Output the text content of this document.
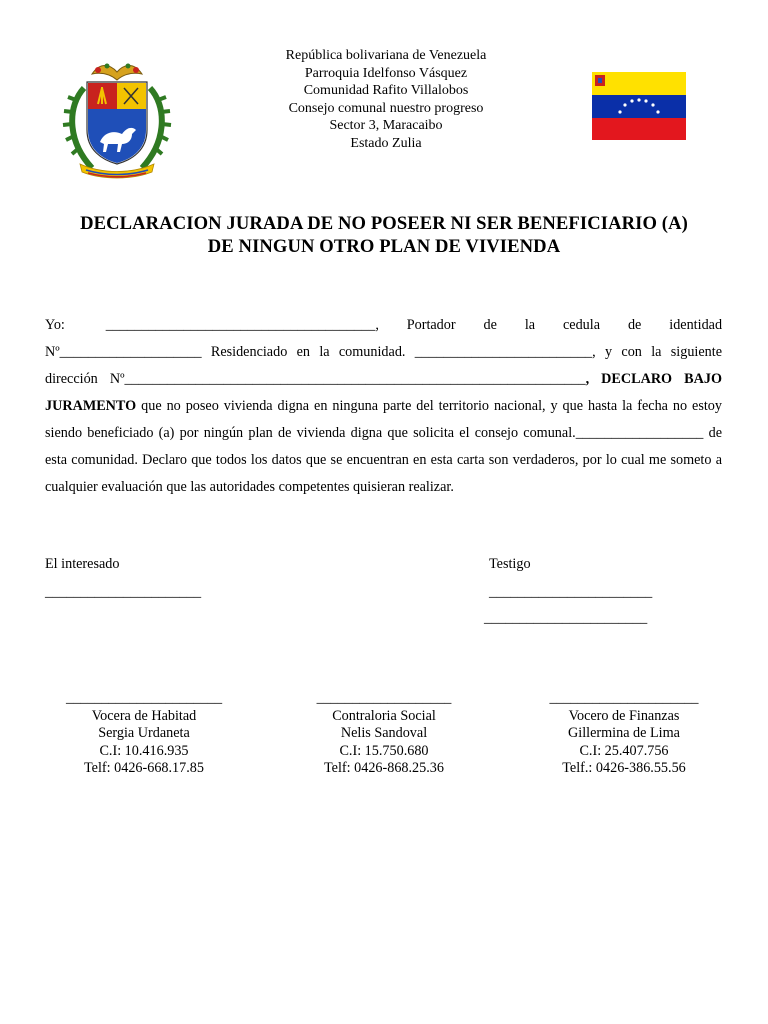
República bolivariana de Venezuela
Parroquia Idelfonso Vásquez
Comunidad Rafito Villalobos
Consejo comunal nuestro progreso
Sector 3, Maracaibo
Estado Zulia
DECLARACION JURADA DE NO POSEER NI SER BENEFICIARIO (A)
DE NINGUN OTRO PLAN DE VIVIENDA

Yo:	______________________________________,  Portador de la cedula de identidad Nº____________________ Residenciado en la comunidad. _________________________, y con la siguiente dirección Nº_________________________________________________________________, DECLARO BAJO JURAMENTO que no poseo vivienda digna en ninguna parte del territorio nacional, y que hasta la fecha no estoy siendo beneficiado (a) por ningún plan de vivienda digna que solicita el consejo comunal.__________________ de esta comunidad. Declaro que todos los datos que se encuentran en esta carta son verdaderos, por lo cual me someto a cualquier evaluación que las autoridades competentes quisieran realizar.

El interesado
______________________
Testigo
_______________________
_______________________
______________________
Vocera de Habitad
Sergia Urdaneta
C.I: 10.416.935
Telf: 0426-668.17.85
___________________
Contraloria Social
Nelis Sandoval
C.I: 15.750.680
Telf: 0426-868.25.36
_____________________
Vocero de Finanzas
Gillermina de Lima
C.I: 25.407.756
Telf.: 0426-386.55.56
